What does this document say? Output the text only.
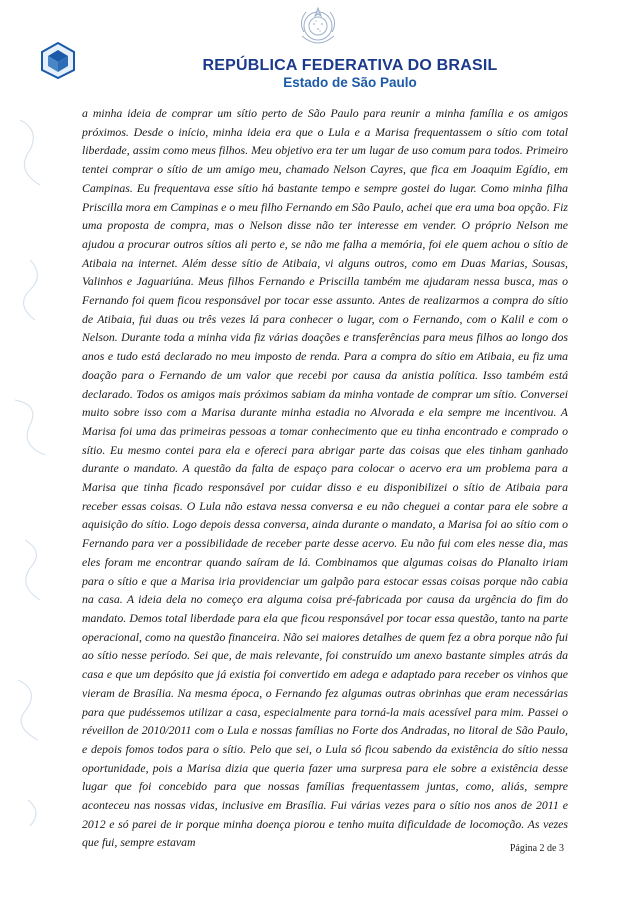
REPÚBLICA FEDERATIVA DO BRASIL
Estado de São Paulo

a minha ideia de comprar um sítio perto de São Paulo para reunir a minha família e os amigos próximos. Desde o início, minha ideia era que o Lula e a Marisa frequentassem o sítio com total liberdade, assim como meus filhos. Meu objetivo era ter um lugar de uso comum para todos. Primeiro tentei comprar o sítio de um amigo meu, chamado Nelson Cayres, que fica em Joaquim Egídio, em Campinas. Eu frequentava esse sítio há bastante tempo e sempre gostei do lugar. Como minha filha Priscilla mora em Campinas e o meu filho Fernando em São Paulo, achei que era uma boa opção. Fiz uma proposta de compra, mas o Nelson disse não ter interesse em vender. O próprio Nelson me ajudou a procurar outros sítios ali perto e, se não me falha a memória, foi ele quem achou o sítio de Atibaia na internet. Além desse sítio de Atibaia, vi alguns outros, como em Duas Marias, Sousas, Valinhos e Jaguariúna. Meus filhos Fernando e Priscilla também me ajudaram nessa busca, mas o Fernando foi quem ficou responsável por tocar esse assunto. Antes de realizarmos a compra do sítio de Atibaia, fui duas ou três vezes lá para conhecer o lugar, com o Fernando, com o Kalil e com o Nelson. Durante toda a minha vida fiz várias doações e transferências para meus filhos ao longo dos anos e tudo está declarado no meu imposto de renda. Para a compra do sítio em Atibaia, eu fiz uma doação para o Fernando de um valor que recebi por causa da anistia política. Isso também está declarado. Todos os amigos mais próximos sabiam da minha vontade de comprar um sítio. Conversei muito sobre isso com a Marisa durante minha estadia no Alvorada e ela sempre me incentivou. A Marisa foi uma das primeiras pessoas a tomar conhecimento que eu tinha encontrado e comprado o sítio. Eu mesmo contei para ela e ofereci para abrigar parte das coisas que eles tinham ganhado durante o mandato. A questão da falta de espaço para colocar o acervo era um problema para a Marisa que tinha ficado responsável por cuidar disso e eu disponibilizei o sítio de Atibaia para receber essas coisas. O Lula não estava nessa conversa e eu não cheguei a contar para ele sobre a aquisição do sítio. Logo depois dessa conversa, ainda durante o mandato, a Marisa foi ao sítio com o Fernando para ver a possibilidade de receber parte desse acervo. Eu não fui com eles nesse dia, mas eles foram me encontrar quando saíram de lá. Combinamos que algumas coisas do Planalto iriam para o sítio e que a Marisa iria providenciar um galpão para estocar essas coisas porque não cabia na casa. A ideia dela no começo era alguma coisa pré-fabricada por causa da urgência do fim do mandato. Demos total liberdade para ela que ficou responsável por tocar essa questão, tanto na parte operacional, como na questão financeira. Não sei maiores detalhes de quem fez a obra porque não fui ao sítio nesse período. Sei que, de mais relevante, foi construído um anexo bastante simples atrás da casa e que um depósito que já existia foi convertido em adega e adaptado para receber os vinhos que vieram de Brasília. Na mesma época, o Fernando fez algumas outras obrinhas que eram necessárias para que pudéssemos utilizar a casa, especialmente para torná-la mais acessível para mim. Passei o réveillon de 2010/2011 com o Lula e nossas famílias no Forte dos Andradas, no litoral de São Paulo, e depois fomos todos para o sítio. Pelo que sei, o Lula só ficou sabendo da existência do sítio nessa oportunidade, pois a Marisa dizia que queria fazer uma surpresa para ele sobre a existência desse lugar que foi concebido para que nossas famílias frequentassem juntas, como, aliás, sempre aconteceu nas nossas vidas, inclusive em Brasília. Fui várias vezes para o sítio nos anos de 2011 e 2012 e só parei de ir porque minha doença piorou e tenho muita dificuldade de locomoção. As vezes que fui, sempre estavam	Página 2 de 3
